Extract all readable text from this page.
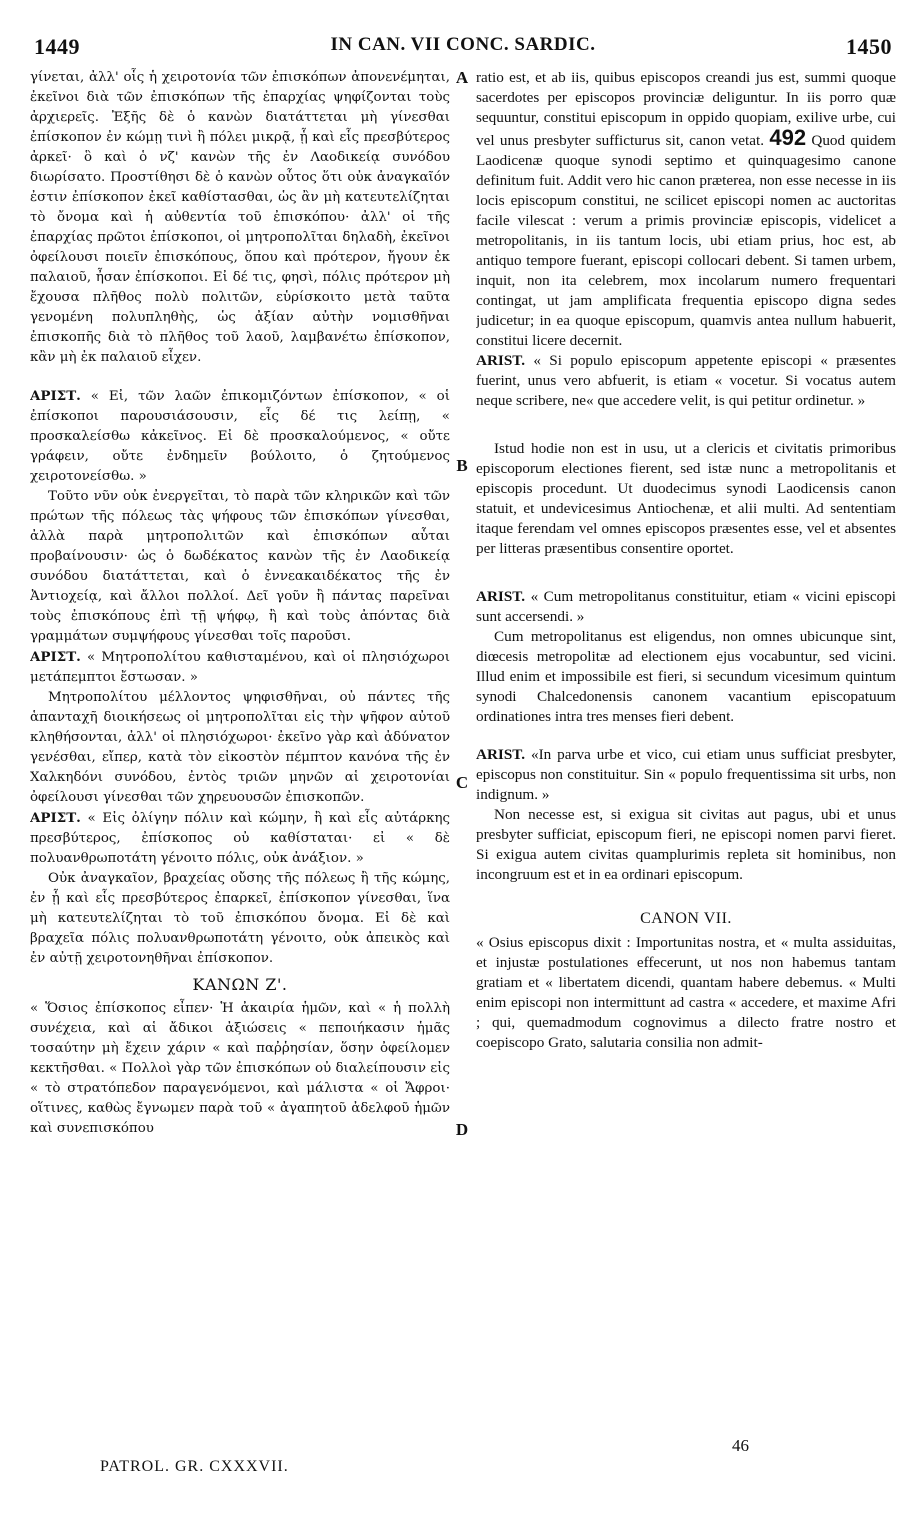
1449	IN CAN. VII CONC. SARDIC.	1450

γίνεται, ἀλλ' οἷς ἡ χειροτονία τῶν ἐπισκόπων ἀπονενέμηται, ἐκεῖνοι διὰ τῶν ἐπισκόπων τῆς ἐπαρχίας ψηφίζονται τοὺς ἀρχιερεῖς. Ἐξῆς δὲ ὁ κανὼν διατάττεται μὴ γίνεσθαι ἐπίσκοπον ἐν κώμῃ τινὶ ἢ πόλει μικρᾷ, ᾗ καὶ εἷς πρεσβύτερος ἀρκεῖ· ὃ καὶ ὁ νζ' κανὼν τῆς ἐν Λαοδικείᾳ συνόδου διωρίσατο. Προστίθησι δὲ ὁ κανὼν οὗτος ὅτι οὐκ ἀναγκαῖόν ἐστιν ἐπίσκοπον ἐκεῖ καθίστασθαι, ὡς ἂν μὴ κατευτελίζηται τὸ ὄνομα καὶ ἡ αὐθεντία τοῦ ἐπισκόπου· ἀλλ' οἱ τῆς ἐπαρχίας πρῶτοι ἐπίσκοποι, οἱ μητροπολῖται δηλαδὴ, ἐκεῖνοι ὀφείλουσι ποιεῖν ἐπισκόπους, ὅπου καὶ πρότερον, ἤγουν ἐκ παλαιοῦ, ἦσαν ἐπίσκοποι. Εἰ δέ τις, φησὶ, πόλις πρότερον μὴ ἔχουσα πλῆθος πολὺ πολιτῶν, εὑρίσκοιτο μετὰ ταῦτα γενομένη πολυπληθὴς, ὡς ἀξίαν αὐτὴν νομισθῆναι ἐπισκοπῆς διὰ τὸ πλῆθος τοῦ λαοῦ, λαμβανέτω ἐπίσκοπον, κἂν μὴ ἐκ παλαιοῦ εἶχεν.

ΑΡΙΣΤ. « Εἰ, τῶν λαῶν ἐπικομιζόντων ἐπίσκοπον, « οἱ ἐπίσκοποι παρουσιάσουσιν, εἷς δέ τις λείπῃ, « προσκαλείσθω κἀκεῖνος. Εἰ δὲ προσκαλούμενος, « οὔτε γράφειν, οὔτε ἐνδημεῖν βούλοιτο, ὁ ζητούμενος χειροτονείσθω. »

Τοῦτο νῦν οὐκ ἐνεργεῖται, τὸ παρὰ τῶν κληρικῶν καὶ τῶν πρώτων τῆς πόλεως τὰς ψήφους τῶν ἐπισκόπων γίνεσθαι, ἀλλὰ παρὰ μητροπολιτῶν καὶ ἐπισκόπων αὗται προβαίνουσιν· ὡς ὁ δωδέκατος κανὼν τῆς ἐν Λαοδικείᾳ συνόδου διατάττεται, καὶ ὁ ἐννεακαιδέκατος τῆς ἐν Ἀντιοχείᾳ, καὶ ἄλλοι πολλοί. Δεῖ γοῦν ἢ πάντας παρεῖναι τοὺς ἐπισκόπους ἐπὶ τῇ ψήφῳ, ἢ καὶ τοὺς ἀπόντας διὰ γραμμάτων συμψήφους γίνεσθαι τοῖς παροῦσι.

ΑΡΙΣΤ. « Μητροπολίτου καθισταμένου, καὶ οἱ πλησιόχωροι μετάπεμπτοι ἔστωσαν. »

Μητροπολίτου μέλλοντος ψηφισθῆναι, οὐ πάντες τῆς ἁπανταχῆ διοικήσεως οἱ μητροπολῖται εἰς τὴν ψῆφον αὐτοῦ κληθήσονται, ἀλλ' οἱ πλησιόχωροι· ἐκεῖνο γὰρ καὶ ἀδύνατον γενέσθαι, εἴπερ, κατὰ τὸν εἰκοστὸν πέμπτον κανόνα τῆς ἐν Χαλκηδόνι συνόδου, ἐντὸς τριῶν μηνῶν αἱ χειροτονίαι ὀφείλουσι γίνεσθαι τῶν χηρευουσῶν ἐπισκοπῶν.

ΑΡΙΣΤ. « Εἰς ὀλίγην πόλιν καὶ κώμην, ἢ καὶ εἷς αὐτάρκης πρεσβύτερος, ἐπίσκοπος οὐ καθίσταται· εἰ « δὲ πολυανθρωποτάτη γένοιτο πόλις, οὐκ ἀνάξιον. »

Οὐκ ἀναγκαῖον, βραχείας οὔσης τῆς πόλεως ἢ τῆς κώμης, ἐν ᾗ καὶ εἷς πρεσβύτερος ἐπαρκεῖ, ἐπίσκοπον γίνεσθαι, ἵνα μὴ κατευτελίζηται τὸ τοῦ ἐπισκόπου ὄνομα. Εἰ δὲ καὶ βραχεῖα πόλις πολυανθρωποτάτη γένοιτο, οὐκ ἀπεικὸς καὶ ἐν αὐτῇ χειροτονηθῆναι ἐπίσκοπον.

ΚΑΝΩΝ Ζ'.

« Ὅσιος ἐπίσκοπος εἶπεν· Ἡ ἀκαιρία ἡμῶν, καὶ « ἡ πολλὴ συνέχεια, καὶ αἱ ἄδικοι ἀξιώσεις « πεποιήκασιν ἡμᾶς τοσαύτην μὴ ἔχειν χάριν « καὶ παῤῥησίαν, ὅσην ὀφείλομεν κεκτῆσθαι. « Πολλοὶ γὰρ τῶν ἐπισκόπων οὐ διαλείπουσιν εἰς « τὸ στρατόπεδον παραγενόμενοι, καὶ μάλιστα « οἱ Ἄφροι· οἵτινες, καθὼς ἔγνωμεν παρὰ τοῦ « ἀγαπητοῦ ἀδελφοῦ ἡμῶν καὶ συνεπισκόπου

ratio est, et ab iis, quibus episcopos creandi jus est, summi quoque sacerdotes per episcopos provinciæ deliguntur. In iis porro quæ sequuntur, constitui episcopum in oppido quopiam, exilive urbe, cui vel unus presbyter sufficturus sit, canon vetat. 492 Quod quidem Laodicenæ quoque synodi septimo et quinquagesimo canone definitum fuit. Addit vero hic canon præterea, non esse necesse in iis locis episcopum constitui, ne scilicet episcopi nomen ac auctoritas facile vilescat : verum a primis provinciæ episcopis, videlicet a metropolitanis, in iis tantum locis, ubi etiam prius, hoc est, ab antiquo tempore fuerant, episcopi collocari debent. Si tamen urbem, inquit, non ita celebrem, mox incolarum numero frequentari contingat, ut jam amplificata frequentia episcopo digna sedes judicetur; in ea quoque episcopum, quamvis antea nullum habuerit, constitui licere decernit.

ARIST. « Si populo episcopum appetente episcopi « præsentes fuerint, unus vero abfuerit, is etiam « vocetur. Si vocatus autem neque scribere, ne« que accedere velit, is qui petitur ordinetur. »

Istud hodie non est in usu, ut a clericis et civitatis primoribus episcoporum electiones fierent, sed istæ nunc a metropolitanis et episcopis procedunt. Ut duodecimus synodi Laodicensis canon statuit, et undevicesimus Antiochenæ, et alii multi. Ad sententiam itaque ferendam vel omnes episcopos præsentes esse, vel et absentes per litteras præsentibus consentire oportet.

ARIST. « Cum metropolitanus constituitur, etiam « vicini episcopi sunt accersendi. »

Cum metropolitanus est eligendus, non omnes ubicunque sint, diœcesis metropolitæ ad electionem ejus vocabuntur, sed vicini. Illud enim et impossibile est fieri, si secundum vicesimum quintum synodi Chalcedonensis canonem vacantium episcopatuum ordinationes intra tres menses fieri debent.

ARIST. «In parva urbe et vico, cui etiam unus sufficiat presbyter, episcopus non constituitur. Sin « populo frequentissima sit urbs, non indignum. »

Non necesse est, si exigua sit civitas aut pagus, ubi et unus presbyter sufficiat, episcopum fieri, ne episcopi nomen parvi fieret. Si exigua autem civitas quamplurimis repleta sit hominibus, non incongruum est et in ea ordinari episcopum.

CANON VII.

« Osius episcopus dixit : Importunitas nostra, et « multa assiduitas, et injustæ postulationes effecerunt, ut nos non habemus tantam gratiam et « libertatem dicendi, quantam habere debemus. « Multi enim episcopi non intermittunt ad castra « accedere, et maxime Afri ; qui, quemadmodum cognovimus a dilecto fratre nostro et coepiscopo Grato, salutaria consilia non admit-

A
B
C
D
PATROL. GR. CXXXVII.
46
